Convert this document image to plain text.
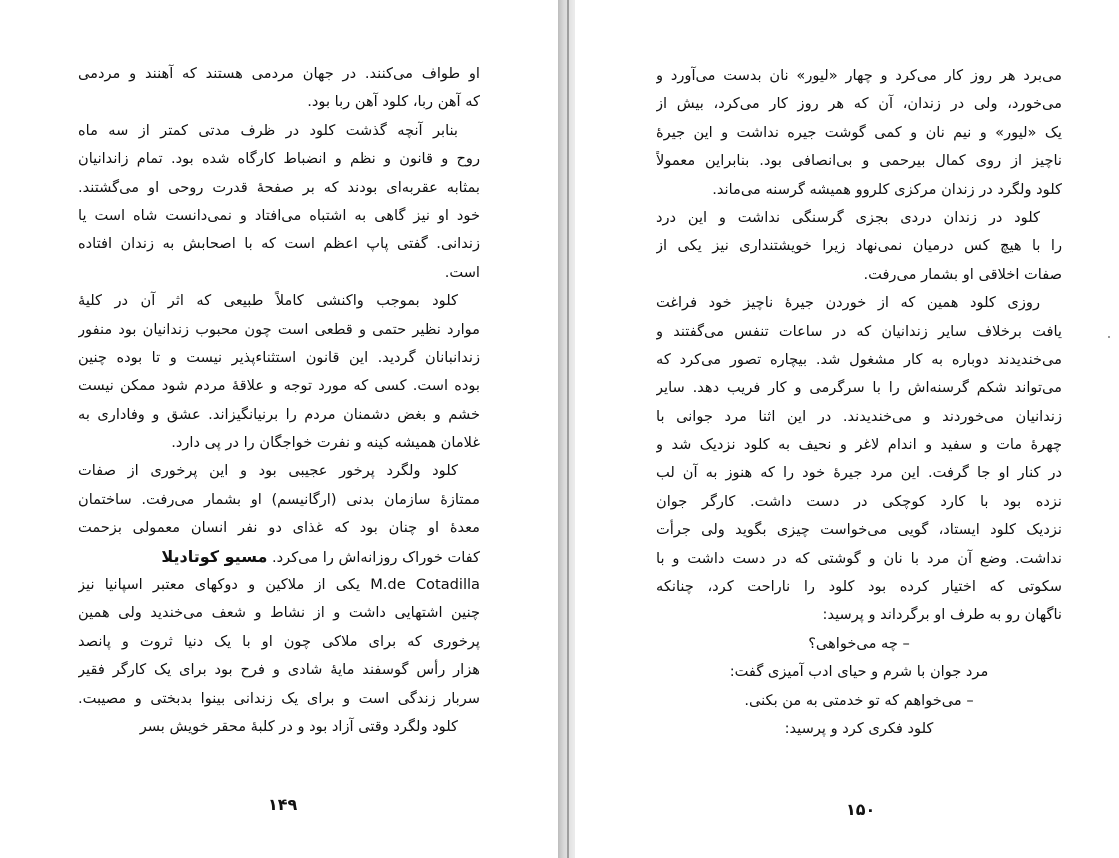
او طواف می‌کنند. در جهان مردمی هستند که آهنند و مردمی
که آهن ربا، کلود آهن ربا بود.
بنابر آنچه گذشت کلود در ظرف مدتی کمتر از سه ماه
روح و قانون و نظم و انضباط کارگاه شده بود. تمام زاندانیان
بمثابه عقربه‌ای بودند که بر صفحهٔ قدرت روحی او می‌گشتند.
خود او نیز گاهی به اشتباه می‌افتاد و نمی‌دانست شاه است یا
زندانی. گفتی پاپ اعظم است که با اصحابش به زندان افتاده
است.
کلود بموجب واکنشی کاملاً طبیعی که اثر آن در کلیهٔ
موارد نظیر حتمی و قطعی است چون محبوب زندانیان بود منفور
زندانبانان گردید. این قانون استثناءپذیر نیست و تا بوده چنین
بوده است. کسی که مورد توجه و علاقهٔ مردم شود ممکن نیست
خشم و بغض دشمنان مردم را برنیانگیزاند. عشق و وفاداری به
غلامان همیشه کینه و نفرت خواجگان را در پی دارد.
کلود ولگرد پرخور عجیبی بود و این پرخوری از صفات
ممتازهٔ سازمان بدنی (ارگانیسم) او بشمار می‌رفت. ساختمان
معدهٔ او چنان بود که غذای دو نفر انسان معمولی بزحمت
کفات خوراک روزانه‌اش را می‌کرد. مسیو کوتادیلا
M.de Cotadilla یکی از ملاکین و دوکهای معتبر اسپانیا نیز
چنین اشتهایی داشت و از نشاط و شعف می‌خندید ولی همین
پرخوری که برای ملاکی چون او با یک دنیا ثروت و پانصد
هزار رأس گوسفند مایهٔ شادی و فرح بود برای یک کارگر فقیر
سربار زندگی است و برای یک زندانی بینوا بدبختی و مصیبت.
کلود ولگرد وقتی آزاد بود و در کلبهٔ محقر خویش بسر
۱۴۹
می‌برد هر روز کار می‌کرد و چهار «لیور» نان بدست می‌آورد و
می‌خورد، ولی در زندان، آن که هر روز کار می‌کرد، بیش از
یک «لیور» و نیم نان و کمی گوشت جیره نداشت و این جیرهٔ
ناچیز از روی کمال بیرحمی و بی‌انصافی بود. بنابراین معمولاً
کلود ولگرد در زندان مرکزی کلروو همیشه گرسنه می‌ماند.
کلود در زندان دردی بجزی گرسنگی نداشت و این درد
را با هیچ کس درمیان نمی‌نهاد زیرا خویشتنداری نیز یکی از
صفات اخلاقی او بشمار می‌رفت.
روزی کلود همین که از خوردن جیرهٔ ناچیز خود فراغت
یافت برخلاف سایر زندانیان که در ساعات تنفس می‌گفتند و
می‌خندیدند دوباره به کار مشغول شد. بیچاره تصور می‌کرد که
می‌تواند شکم گرسنه‌اش را با سرگرمی و کار فریب دهد. سایر
زندانیان می‌خوردند و می‌خندیدند. در این اثنا مرد جوانی با
چهرهٔ مات و سفید و اندام لاغر و نحیف به کلود نزدیک شد و
در کنار او جا گرفت. این مرد جیرهٔ خود را که هنوز به آن لب
نزده بود با کارد کوچکی در دست داشت. کارگر جوان
نزدیک کلود ایستاد، گویی می‌خواست چیزی بگوید ولی جرأت
نداشت. وضع آن مرد با نان و گوشتی که در دست داشت و با
سکوتی که اختیار کرده بود کلود را ناراحت کرد، چنانکه
ناگهان رو به طرف او برگرداند و پرسید:
– چه می‌خواهی؟
مرد جوان با شرم و حیای ادب آمیزی گفت:
– می‌خواهم که تو خدمتی به من بکنی.
کلود فکری کرد و پرسید:
۱۵۰
